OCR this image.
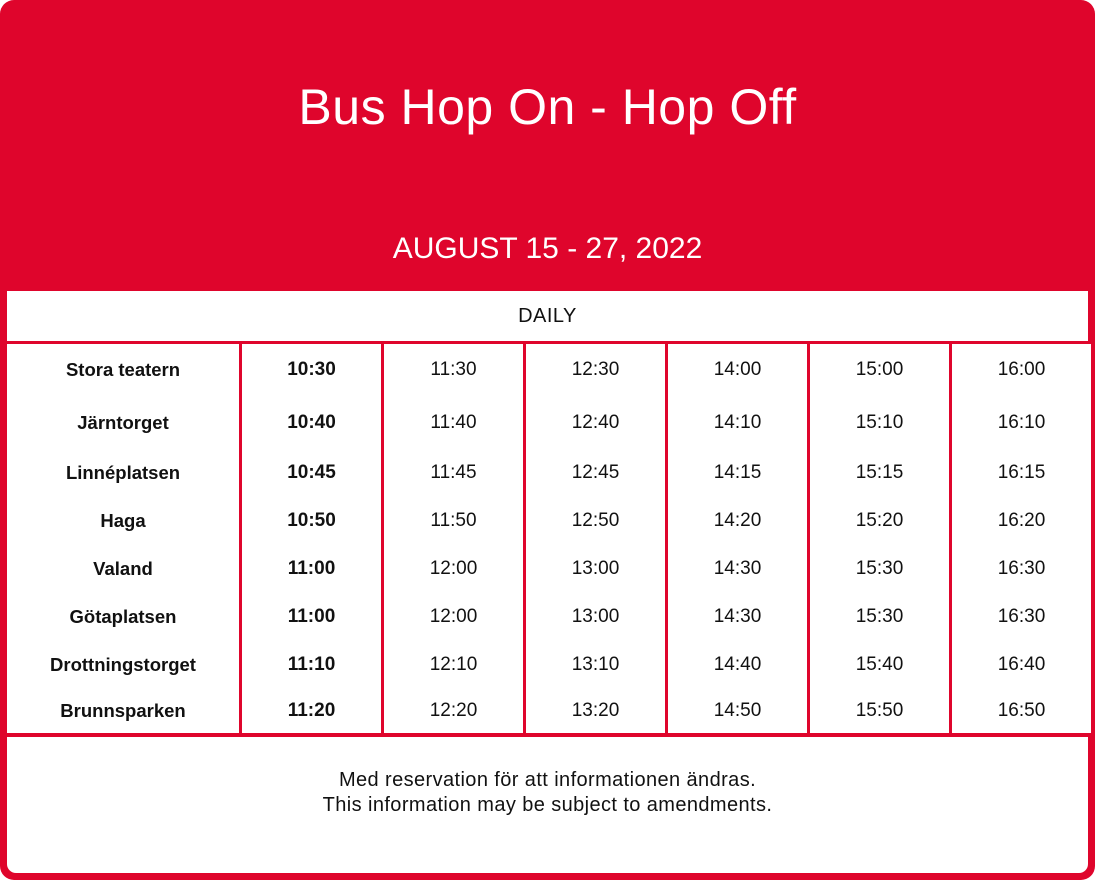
Bus Hop On - Hop Off
AUGUST 15 - 27, 2022
DAILY
Stora teatern	10:30	11:30	12:30	14:00	15:00	16:00
Järntorget	10:40	11:40	12:40	14:10	15:10	16:10
Linnéplatsen	10:45	11:45	12:45	14:15	15:15	16:15
Haga	10:50	11:50	12:50	14:20	15:20	16:20
Valand	11:00	12:00	13:00	14:30	15:30	16:30
Götaplatsen	11:00	12:00	13:00	14:30	15:30	16:30
Drottningstorget	11:10	12:10	13:10	14:40	15:40	16:40
Brunnsparken	11:20	12:20	13:20	14:50	15:50	16:50
Med reservation för att informationen ändras.
This information may be subject to amendments.
